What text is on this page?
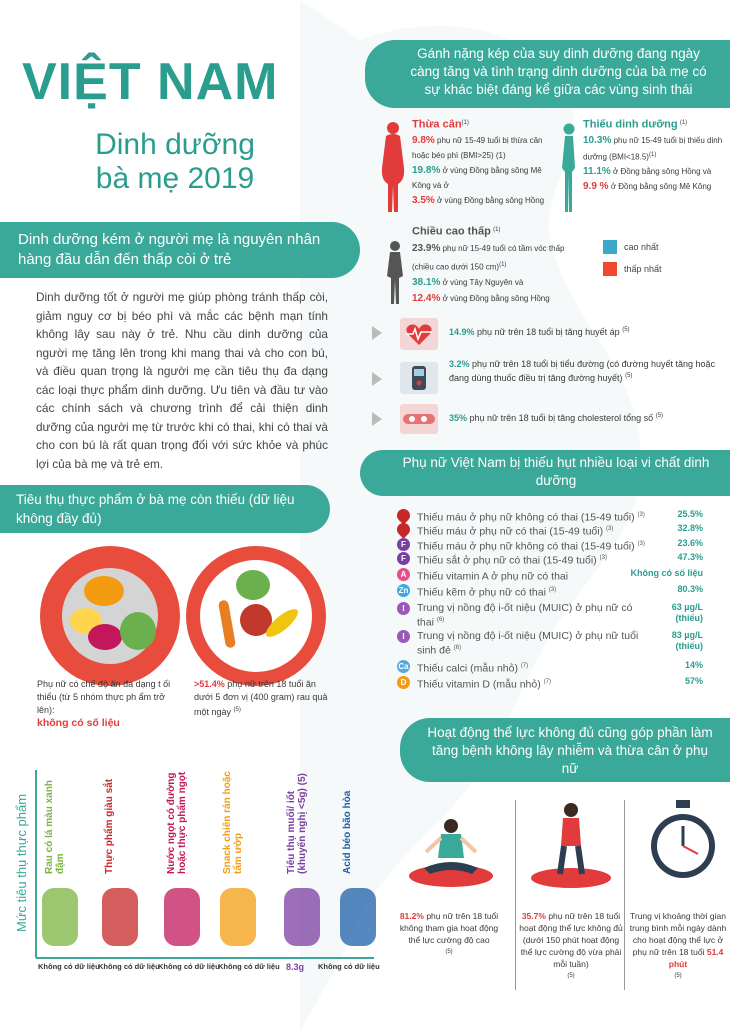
VIỆT NAM
Dinh dưỡng
bà mẹ 2019
Dinh dưỡng kém ở người mẹ là nguyên nhân hàng đầu dẫn đến thấp còi ở trẻ
Dinh dưỡng tốt ở người mẹ giúp phòng tránh thấp còi, giảm nguy cơ bị béo phì và mắc các bệnh mạn tính không lây sau này ở trẻ. Nhu cầu dinh dưỡng của người mẹ tăng lên trong khi mang thai và cho con bú, và điều quan trọng là người mẹ cần tiêu thụ đa dạng các loại thực phẩm dinh dưỡng. Ưu tiên và đầu tư vào các chính sách và chương trình để cải thiện dinh dưỡng của người mẹ từ trước khi có thai, khi có thai và cho con bú là rất quan trọng đối với sức khỏe và phúc lợi của bà mẹ và trẻ em.
Gánh nặng kép của suy dinh dưỡng đang ngày càng tăng và tình trạng dinh dưỡng của bà mẹ có sự khác biệt đáng kể giữa các vùng sinh thái
Thừa cân$^{(1)}$
9.8% phụ nữ 15-49 tuổi bị thừa cân hoặc béo phì (BMI>25) (1)
19.8% ở vùng Đồng bằng sông Mê Kông và ở
3.5% ở vùng Đồng bằng sông Hồng
Thiếu dinh dưỡng $^{(1)}$
10.3% phụ nữ 15-49 tuổi bị thiếu dinh dưỡng (BMI<18.5)$^{(1)}$
11.1% ở Đồng bằng sông Hồng và
9.9 % ở Đồng bằng sông Mê Kông
Chiều cao thấp $^{(1)}$
23.9% phụ nữ 15-49 tuổi có tầm vóc thấp (chiều cao dưới 150 cm)$^{(1)}$
38.1% ở vùng Tây Nguyên và
12.4% ở vùng Đồng bằng sông Hồng
cao nhất
thấp nhất
14.9% phụ nữ trên 18 tuổi bị tăng huyết áp $^{(5)}$
3.2% phụ nữ trên 18 tuổi bị tiểu đường (có đường huyết tăng hoặc đang dùng thuốc điều trị tăng đường huyết) $^{(5)}$
35% phụ nữ trên 18 tuổi bị tăng cholesterol tổng số $^{(5)}$
Phụ nữ Việt Nam bị thiếu hụt nhiều loại vi chất dinh dưỡng
Thiếu máu ở phụ nữ không có thai (15-49 tuổi) $^{(3)}$	25.5%
Thiếu máu ở phụ nữ có thai (15-49 tuổi) $^{(3)}$	32.8%
F	Thiếu máu ở phụ nữ không có thai (15-49 tuổi) $^{(3)}$	23.6%
F	Thiếu sắt ở phụ nữ có thai (15-49 tuổi) $^{(3)}$	47.3%
A	Thiếu vitamin A ở phụ nữ có thai	Không có số liệu
Zn Thiếu kẽm ở phụ nữ có thai $^{(3)}$	80.3%
I	Trung vị nồng độ i-ốt niệu (MUIC) ở phụ nữ có thai $^{(6)}$
63 µg/L (thiếu)
I	Trung vị nồng độ i-ốt niệu (MUIC) ở phụ nữ tuổi sinh đẻ $^{(6)}$
83 µg/L (thiếu)
Ca Thiếu calci (mẫu nhỏ) $^{(7)}$	14%
D	Thiếu vitamin D (mẫu nhỏ) $^{(7)}$	57%
Tiêu thụ thực phẩm ở bà mẹ còn thiếu (dữ liệu không đầy đủ)
Phụ nữ có chế độ ăn đa dạng t ối thiểu (từ 5 nhóm thực ph ẩm trở lên):
không có số liệu
>51.4% phụ nữ trên 18 tuổi ăn dưới 5 đơn vị (400 gram) rau quả một ngày $^{(5)}$
Mức tiêu thụ thực phẩm Rau có lá màu xanh đậm
Không có dữ liệu
Thực phẩm giàu sắt
Không có dữ liệu
Nước ngọt có đường hoặc thực phẩm ngọt
Không có dữ liệu
Snack chiên rán hoặc tẩm ướp
Không có dữ liệu
Tiêu thụ muối/ iốt (khuyến nghị <5g) (5)
8.3g
Acid béo bão hòa
Không có dữ liệu
Hoạt động thể lực không đủ cũng góp phần làm tăng bệnh không lây nhiễm và thừa cân ở phụ nữ
81.2% phụ nữ trên 18 tuổi không tham gia hoạt động thể lực cường độ cao
(5)
35.7% phụ nữ trên 18 tuổi hoạt động thể lực không đủ (dưới 150 phút hoạt động thể lực cường độ vừa phải mỗi tuần)
(5)
Trung vị khoảng thời gian trung bình mỗi ngày dành cho hoạt động thể lực ở phụ nữ trên 18 tuổi 51.4 phút
(5)
